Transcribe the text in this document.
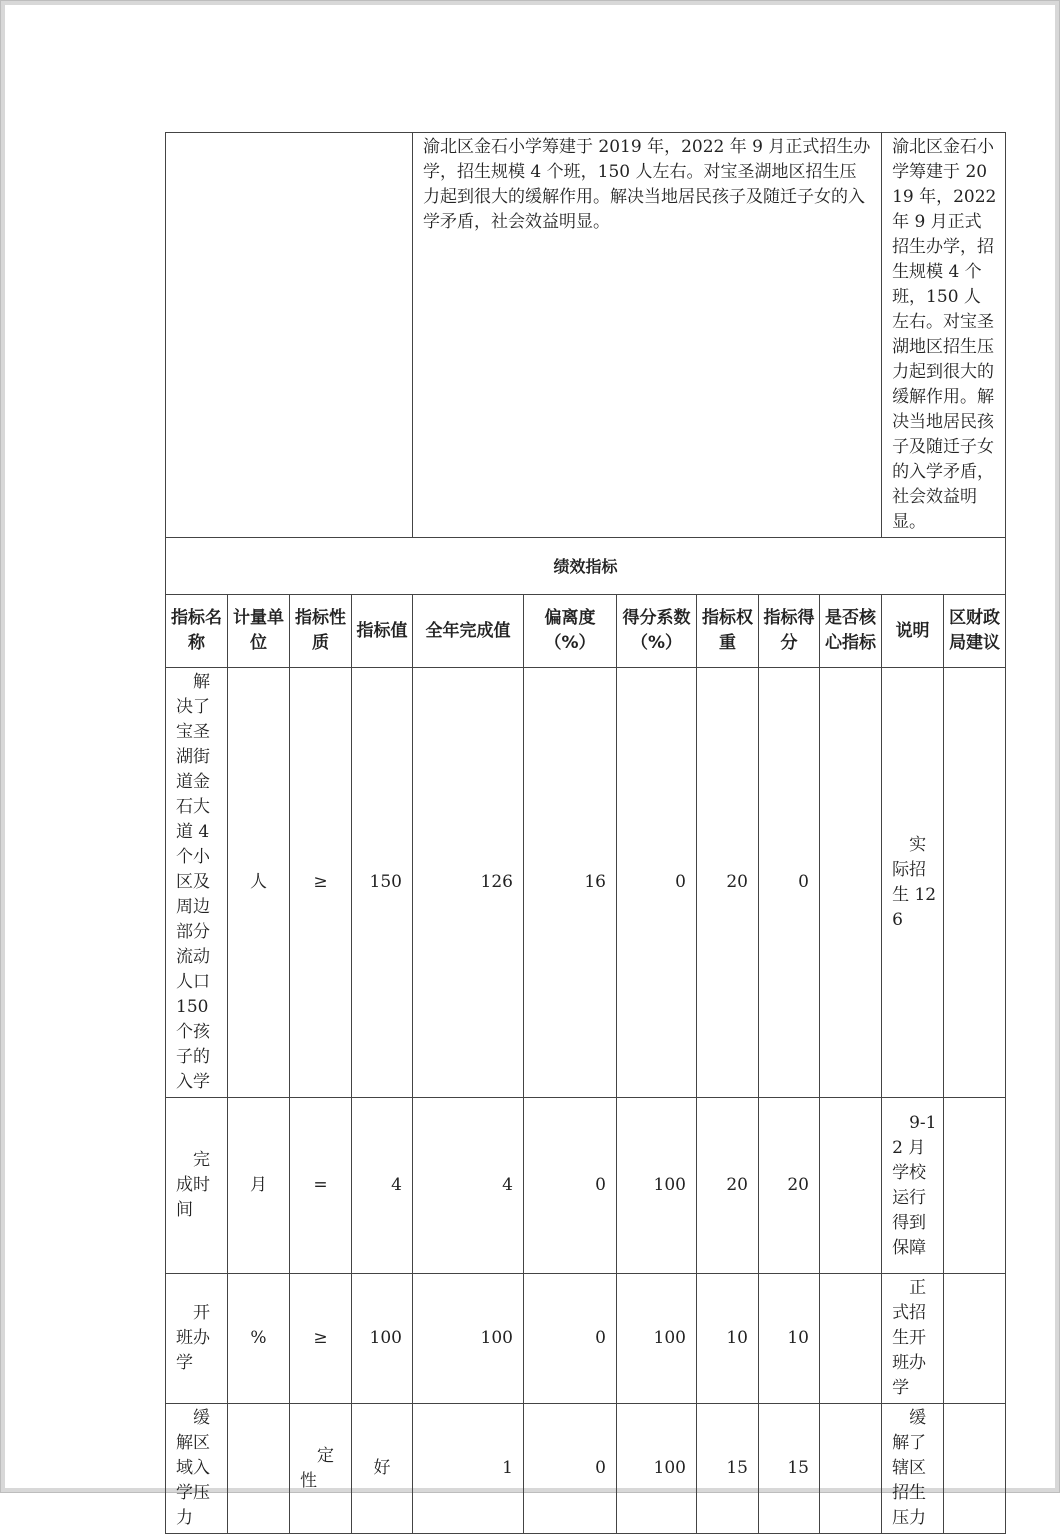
				渝北区金石小学筹建于 2019 年，2022 年 9 月正式招生办学，招生规模 4 个班，150 人左右。对宝圣湖地区招生压力起到很大的缓解作用。解决当地居民孩子及随迁子女的入学矛盾，社会效益明显。						渝北区金石小学筹建于 2019 年，2022 年 9 月正式招生办学，招生规模 4 个班，150 人左右。对宝圣湖地区招生压力起到很大的缓解作用。解决当地居民孩子及随迁子女的入学矛盾，社会效益明显。	
绩效指标											
指标名称	计量单位	指标性质	指标值	全年完成值	偏离度（%）	得分系数（%）	指标权重	指标得分	是否核心指标	说明	区财政局建议
解决了宝圣湖街道金石大道 4 个小区及周边部分流动人口 150 个孩子的入学	人	≥	150	126	16	0	20	0		实际招生 126	
完成时间	月	=	4	4	0	100	20	20		9-12 月学校运行得到保障	
开班办学	%	≥	100	100	0	100	10	10		正式招生开班办学	
缓解区域入学压力		定性	好	1	0	100	15	15		缓解了辖区招生压力	
